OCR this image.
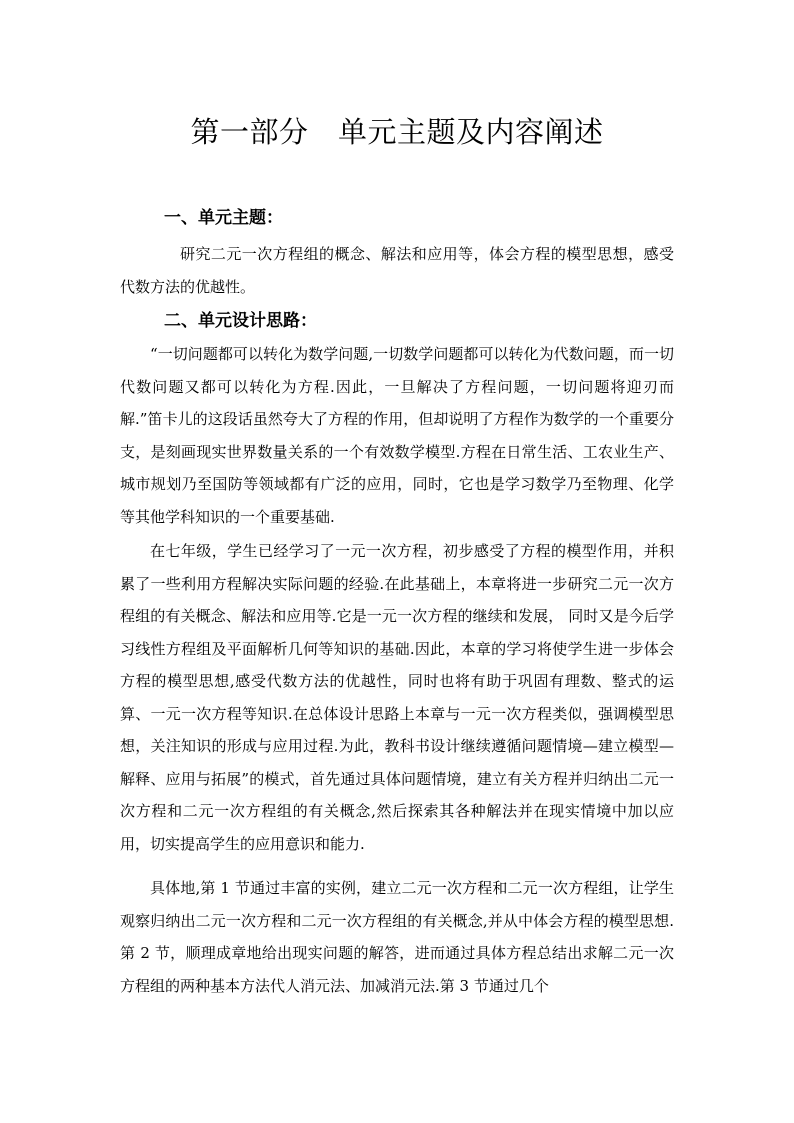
第一部分　单元主题及内容阐述
一、单元主题：
研究二元一次方程组的概念、解法和应用等，体会方程的模型思想，感受代数方法的优越性。
二、单元设计思路：
“一切问题都可以转化为数学问题,一切数学问题都可以转化为代数问题，而一切代数问题又都可以转化为方程.因此，一旦解决了方程问题，一切问题将迎刃而解.”笛卡儿的这段话虽然夸大了方程的作用，但却说明了方程作为数学的一个重要分支，是刻画现实世界数量关系的一个有效数学模型.方程在日常生活、工农业生产、城市规划乃至国防等领域都有广泛的应用，同时，它也是学习数学乃至物理、化学等其他学科知识的一个重要基础.
在七年级，学生已经学习了一元一次方程，初步感受了方程的模型作用，并积累了一些利用方程解决实际问题的经验.在此基础上，本章将进一步研究二元一次方程组的有关概念、解法和应用等.它是一元一次方程的继续和发展， 同时又是今后学习线性方程组及平面解析几何等知识的基础.因此，本章的学习将使学生进一步体会方程的模型思想,感受代数方法的优越性，同时也将有助于巩固有理数、整式的运算、一元一次方程等知识.在总体设计思路上本章与一元一次方程类似，强调模型思想，关注知识的形成与应用过程.为此，教科书设计继续遵循问题情境—建立模型—解释、应用与拓展”的模式，首先通过具体问题情境，建立有关方程并归纳出二元一次方程和二元一次方程组的有关概念,然后探索其各种解法并在现实情境中加以应用，切实提高学生的应用意识和能力.
具体地,第 1 节通过丰富的实例，建立二元一次方程和二元一次方程组，让学生观察归纳出二元一次方程和二元一次方程组的有关概念,并从中体会方程的模型思想.第 2 节，顺理成章地给出现实问题的解答，进而通过具体方程总结出求解二元一次方程组的两种基本方法代人消元法、加减消元法.第 3 节通过几个
